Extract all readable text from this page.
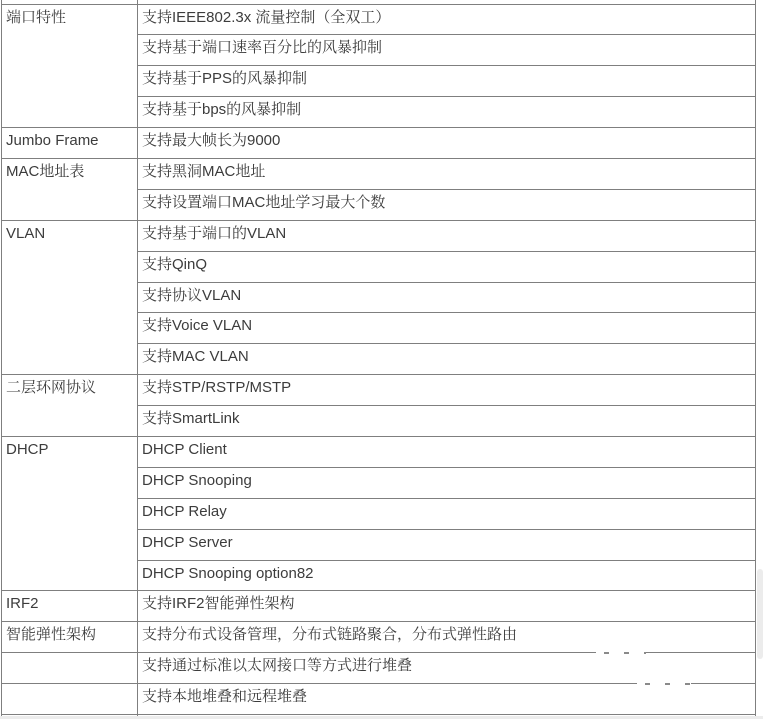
端口特性	支持IEEE802.3x 流量控制（全双工）
	支持基于端口速率百分比的风暴抑制
	支持基于PPS的风暴抑制
	支持基于bps的风暴抑制
Jumbo Frame	支持最大帧长为9000
MAC地址表	支持黑洞MAC地址
	支持设置端口MAC地址学习最大个数
VLAN	支持基于端口的VLAN
	支持QinQ
	支持协议VLAN
	支持Voice VLAN
	支持MAC VLAN
二层环网协议	支持STP/RSTP/MSTP
	支持SmartLink
DHCP	DHCP Client
	DHCP Snooping
	DHCP Relay
	DHCP Server
	DHCP Snooping option82
IRF2	支持IRF2智能弹性架构
智能弹性架构	支持分布式设备管理，分布式链路聚合，分布式弹性路由
	支持通过标准以太网接口等方式进行堆叠
	支持本地堆叠和远程堆叠
